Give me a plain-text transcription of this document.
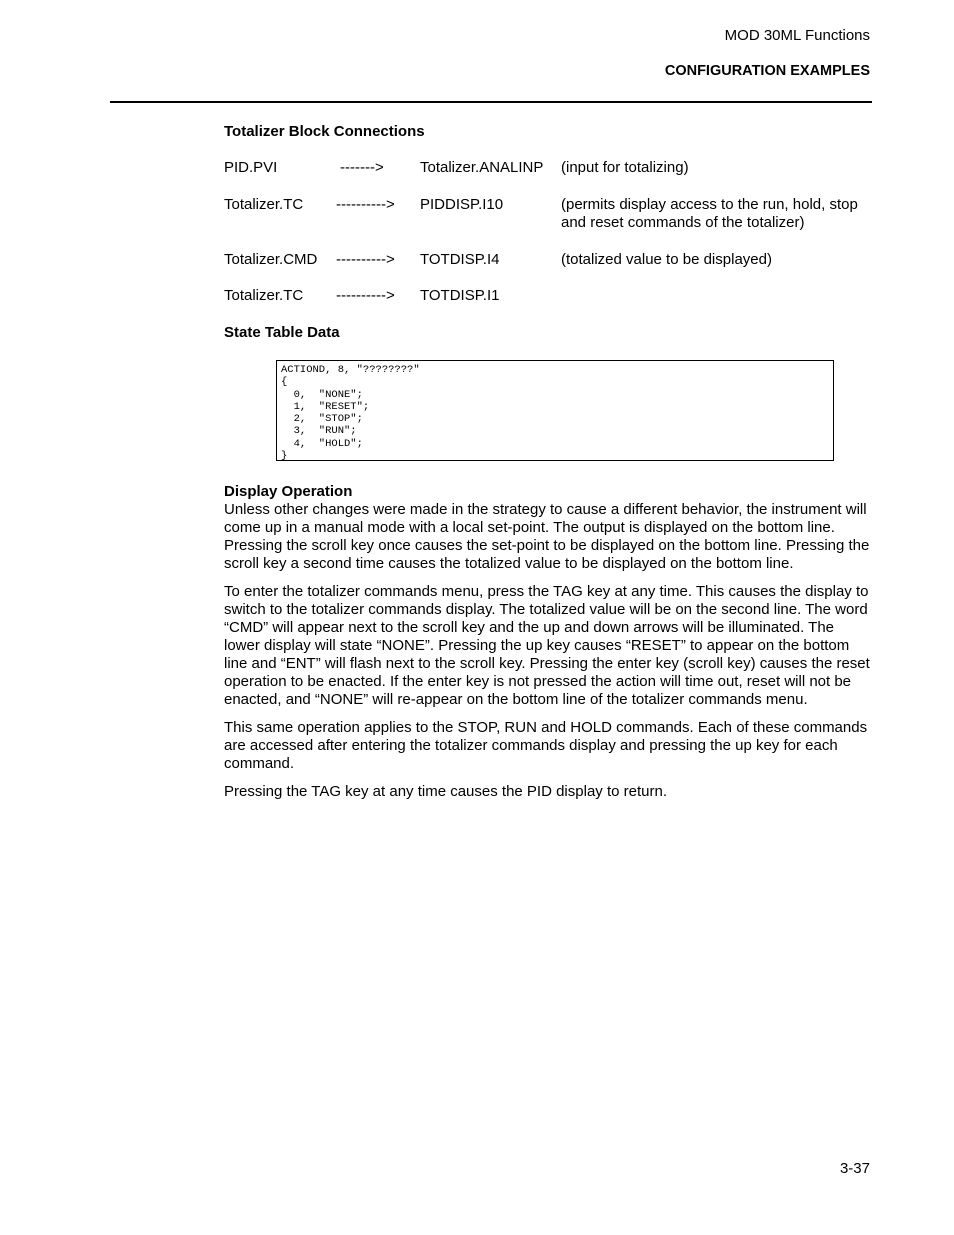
MOD 30ML Functions
CONFIGURATION EXAMPLES

Totalizer Block Connections

PID.PVI	-------> Totalizer.ANALINP (input for totalizing)
Totalizer.TC ----------> PIDDISP.I10	(permits display access to the run, hold, stop and reset commands of the totalizer)
Totalizer.CMD ----------> TOTDISP.I4	(totalized value to be displayed)
Totalizer.TC ----------> TOTDISP.I1

State Table Data

ACTIOND, 8, "????????"
{
0,  "NONE";
1,  "RESET";
2,  "STOP";
3,  "RUN";
4,  "HOLD";
}

Display Operation

Unless other changes were made in the strategy to cause a different behavior, the instrument will come up in a manual mode with a local set-point. The output is displayed on the bottom line. Pressing the scroll key once causes the set-point to be displayed on the bottom line. Pressing the scroll key a second time causes the totalized value to be displayed on the bottom line.

To enter the totalizer commands menu, press the TAG key at any time. This causes the display to switch to the totalizer commands display. The totalized value will be on the second line. The word “CMD” will appear next to the scroll key and the up and down arrows will be illuminated. The lower display will state “NONE”. Pressing the up key causes “RESET” to appear on the bottom line and “ENT” will flash next to the scroll key. Pressing the enter key (scroll key) causes the reset operation to be enacted. If the enter key is not pressed the action will time out, reset will not be enacted, and “NONE” will re-appear on the bottom line of the totalizer commands menu.

This same operation applies to the STOP, RUN and HOLD commands. Each of these commands are accessed after entering the totalizer commands display and pressing the up key for each command.

Pressing the TAG key at any time causes the PID display to return.

3-37
